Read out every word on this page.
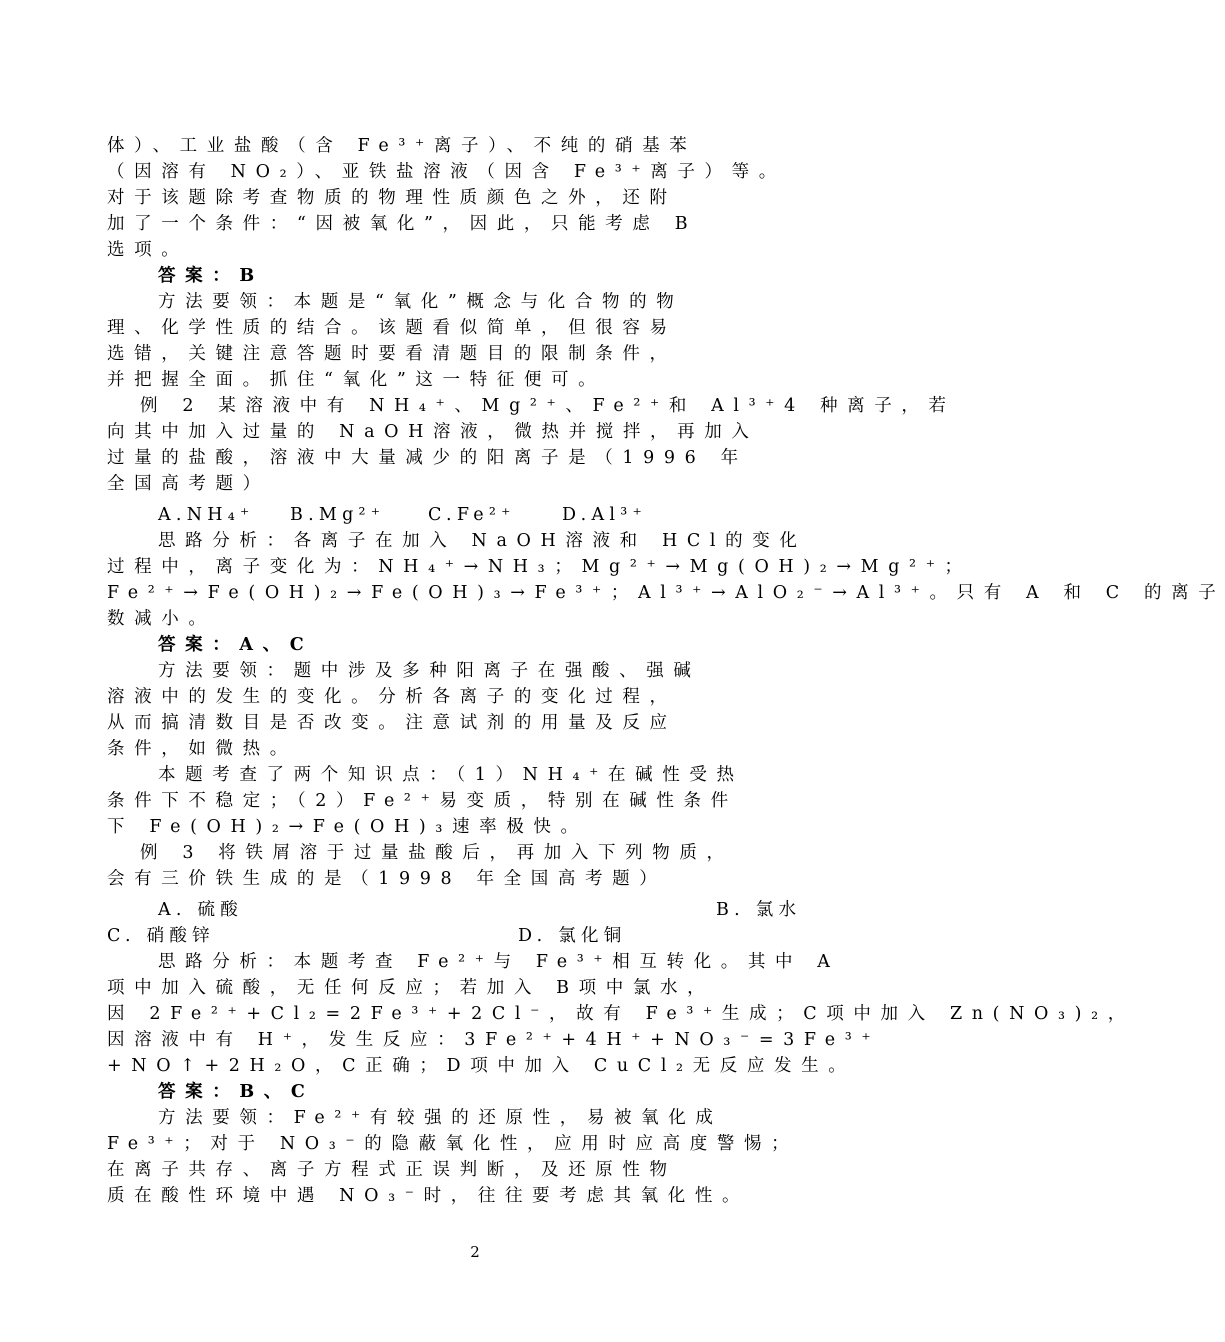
体）、工业盐酸（含 Fe³⁺离子）、不纯的硝基苯
（因溶有 NO₂）、亚铁盐溶液（因含 Fe³⁺离子）等。
对于该题除考查物质的物理性质颜色之外，还附
加了一个条件：“因被氧化”，因此，只能考虑 B
选项。
答案：B
方法要领：本题是“氧化”概念与化合物的物
理、化学性质的结合。该题看似简单，但很容易
选错，关键注意答题时要看清题目的限制条件，
并把握全面。抓住“氧化”这一特征便可。
例 2 某溶液中有 NH₄⁺、Mg²⁺、Fe²⁺和 Al³⁺4 种离子，若
向其中加入过量的 NaOH溶液，微热并搅拌，再加入
过量的盐酸，溶液中大量减少的阳离子是（1996 年
全国高考题）
思路分析：各离子在加入 NaOH溶液和 HCl的变化
过程中，离子变化为：NH₄⁺→NH₃；Mg²⁺→Mg(OH)₂→Mg²⁺；
Fe²⁺→Fe(OH)₂→Fe(OH)₃→Fe³⁺；Al³⁺→AlO₂⁻→Al³⁺。只有 A 和 C 的离子
数减小。
答案：A、C
方法要领：题中涉及多种阳离子在强酸、强碱
溶液中的发生的变化。分析各离子的变化过程，
从而搞清数目是否改变。注意试剂的用量及反应
条件，如微热。
本题考查了两个知识点：（1）NH₄⁺在碱性受热
条件下不稳定；（2）Fe²⁺易变质，特别在碱性条件
下 Fe(OH)₂→Fe(OH)₃速率极快。
例 3 将铁屑溶于过量盐酸后，再加入下列物质，
会有三价铁生成的是（1998 年全国高考题）
思路分析：本题考查 Fe²⁺与 Fe³⁺相互转化。其中 A
项中加入硫酸，无任何反应；若加入 B项中氯水，
因 2Fe²⁺+Cl₂=2Fe³⁺+2Cl⁻，故有 Fe³⁺生成；C项中加入 Zn(NO₃)₂，
因溶液中有 H⁺，发生反应：3Fe²⁺+4H⁺+NO₃⁻=3Fe³⁺
+NO↑+2H₂O，C正确；D项中加入 CuCl₂无反应发生。
答案：B、C
方法要领：Fe²⁺有较强的还原性，易被氧化成
Fe³⁺；对于 NO₃⁻的隐蔽氧化性，应用时应高度警惕；
在离子共存、离子方程式正误判断，及还原性物
质在酸性环境中遇 NO₃⁻时，往往要考虑其氧化性。
A.NH₄⁺ B.Mg²⁺ C.Fe²⁺	D.Al³⁺
A. 硫酸	B. 氯水
C. 硝酸锌	D. 氯化铜
2
